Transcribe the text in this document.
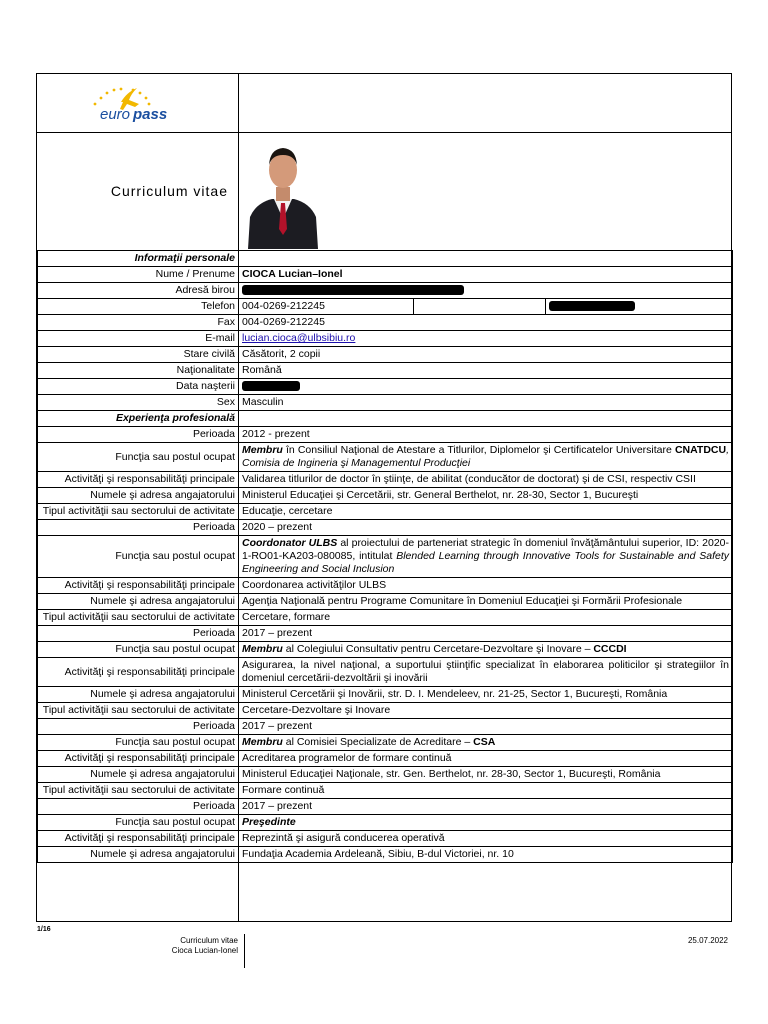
euro pass
Curriculum vitae
Informaţii personale			
Nume / Prenume	CIOCA Lucian–Ionel		
Adresă birou			
Telefon	004-0269-212245		
Fax	004-0269-212245		
E-mail	lucian.cioca@ulbsibiu.ro		
Stare civilă	Căsătorit, 2 copii		
Naţionalitate	Română		
Data naşterii			
Sex	Masculin		
Experienţa profesională			
Perioada	2012 - prezent		
Funcţia sau postul ocupat	Membru în Consiliul Naţional de Atestare a Titlurilor, Diplomelor şi Certificatelor Universitare CNATDCU, Comisia de Ingineria şi Managementul Producţiei		
Activităţi şi responsabilităţi principale	Validarea titlurilor de doctor în ştiinţe, de abilitat (conducător de doctorat) şi de CSI, respectiv CSII		
Numele şi adresa angajatorului	Ministerul Educaţiei şi Cercetării, str. General Berthelot, nr. 28-30, Sector 1, Bucureşti		
Tipul activităţii sau sectorului de activitate	Educaţie, cercetare		
Perioada	2020 – prezent		
Funcţia sau postul ocupat	Coordonator ULBS al proiectului de parteneriat strategic în domeniul învăţământului superior, ID: 2020-1-RO01-KA203-080085, intitulat Blended Learning through Innovative Tools for Sustainable and Safety Engineering and Social Inclusion		
Activităţi şi responsabilităţi principale	Coordonarea activităţilor ULBS		
Numele şi adresa angajatorului	Agenţia Naţională pentru Programe Comunitare în Domeniul Educaţiei şi Formării Profesionale		
Tipul activităţii sau sectorului de activitate	Cercetare, formare		
Perioada	2017 – prezent		
Funcţia sau postul ocupat	Membru al Colegiului Consultativ pentru Cercetare-Dezvoltare şi Inovare – CCCDI		
Activităţi şi responsabilităţi principale	Asigurarea, la nivel naţional, a suportului ştiinţific specializat în elaborarea politicilor şi strategiilor în domeniul cercetării-dezvoltării şi inovării		
Numele şi adresa angajatorului	Ministerul Cercetării şi Inovării, str. D. I. Mendeleev, nr. 21-25, Sector 1, Bucureşti, România		
Tipul activităţii sau sectorului de activitate	Cercetare-Dezvoltare şi Inovare		
Perioada	2017 – prezent		
Funcţia sau postul ocupat	Membru al Comisiei Specializate de Acreditare – CSA		
Activităţi şi responsabilităţi principale	Acreditarea programelor de formare continuă		
Numele şi adresa angajatorului	Ministerul Educaţiei Naţionale, str. Gen. Berthelot, nr. 28-30, Sector 1, Bucureşti, România		
Tipul activităţii sau sectorului de activitate	Formare continuă		
Perioada	2017 – prezent		
Funcţia sau postul ocupat	Preşedinte		
Activităţi şi responsabilităţi principale	Reprezintă şi asigură conducerea operativă		
Numele şi adresa angajatorului	Fundaţia Academia Ardeleană, Sibiu, B-dul Victoriei, nr. 10		
1/16
Curriculum vitae
Cioca Lucian-Ionel
25.07.2022
